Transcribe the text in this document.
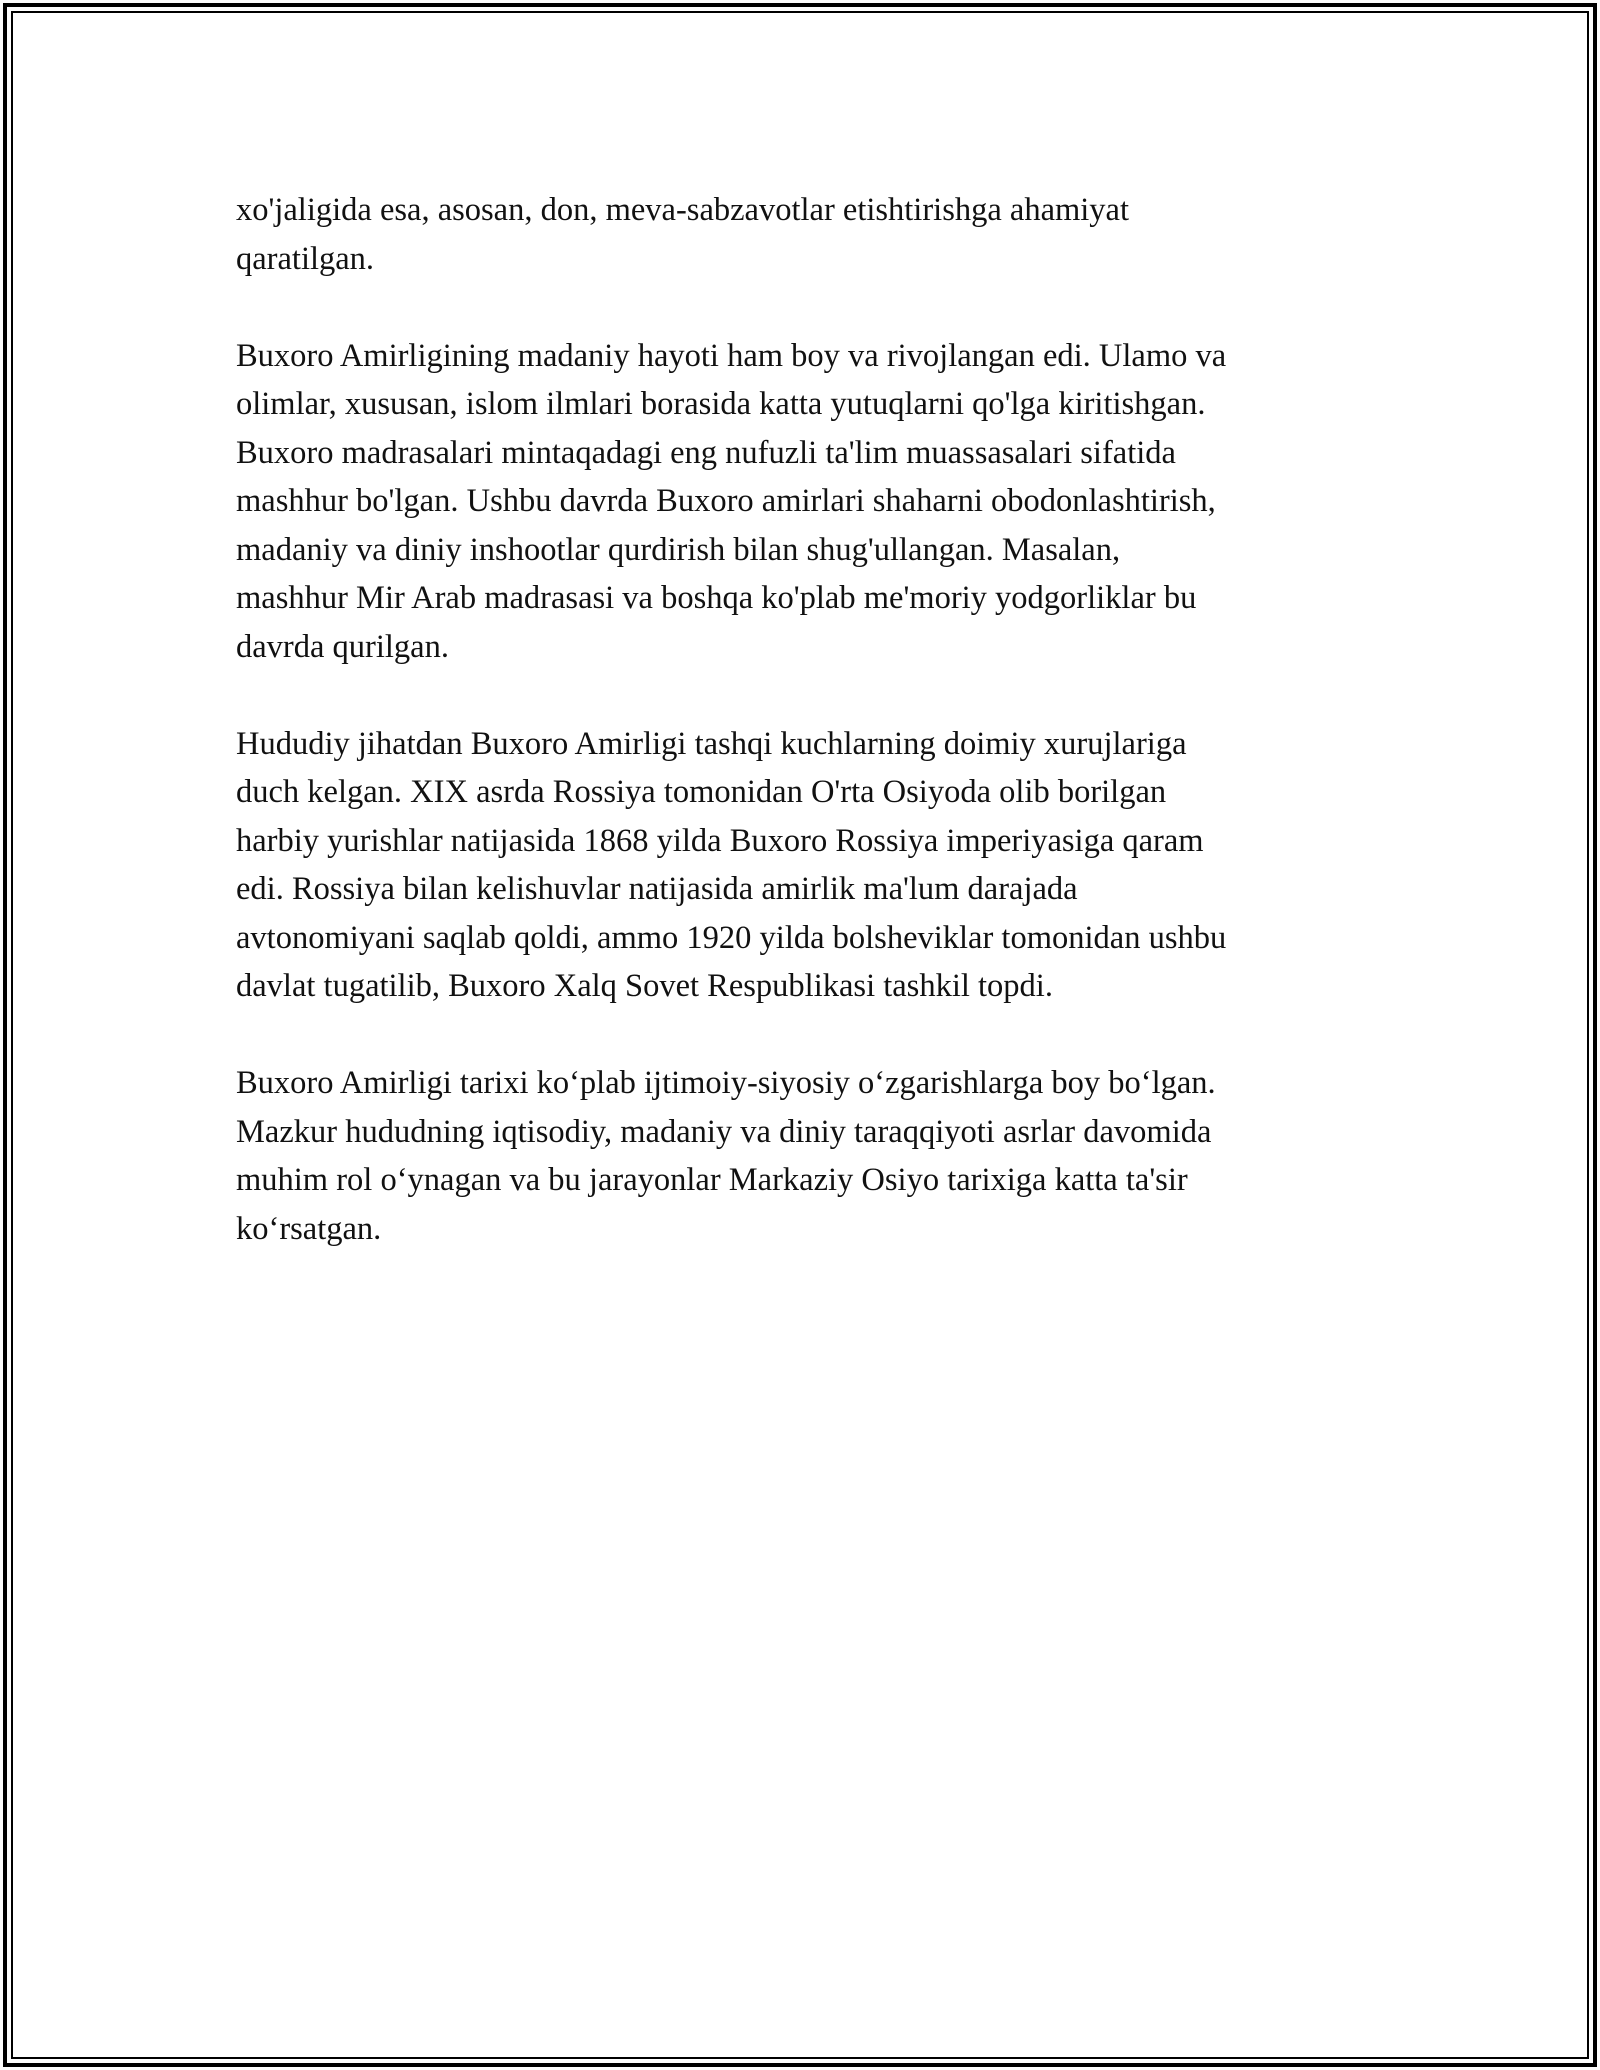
xo'jaligida esa, asosan, don, meva-sabzavotlar etishtirishga ahamiyat
qaratilgan.

Buxoro Amirligining madaniy hayoti ham boy va rivojlangan edi. Ulamo va
olimlar, xususan, islom ilmlari borasida katta yutuqlarni qo'lga kiritishgan.
Buxoro madrasalari mintaqadagi eng nufuzli ta'lim muassasalari sifatida
mashhur bo'lgan. Ushbu davrda Buxoro amirlari shaharni obodonlashtirish,
madaniy va diniy inshootlar qurdirish bilan shug'ullangan. Masalan,
mashhur Mir Arab madrasasi va boshqa ko'plab me'moriy yodgorliklar bu
davrda qurilgan.

Hududiy jihatdan Buxoro Amirligi tashqi kuchlarning doimiy xurujlariga
duch kelgan. XIX asrda Rossiya tomonidan O'rta Osiyoda olib borilgan
harbiy yurishlar natijasida 1868 yilda Buxoro Rossiya imperiyasiga qaram
edi. Rossiya bilan kelishuvlar natijasida amirlik ma'lum darajada
avtonomiyani saqlab qoldi, ammo 1920 yilda bolsheviklar tomonidan ushbu
davlat tugatilib, Buxoro Xalq Sovet Respublikasi tashkil topdi.

Buxoro Amirligi tarixi ko‘plab ijtimoiy-siyosiy o‘zgarishlarga boy bo‘lgan.
Mazkur hududning iqtisodiy, madaniy va diniy taraqqiyoti asrlar davomida
muhim rol o‘ynagan va bu jarayonlar Markaziy Osiyo tarixiga katta ta'sir
ko‘rsatgan.
